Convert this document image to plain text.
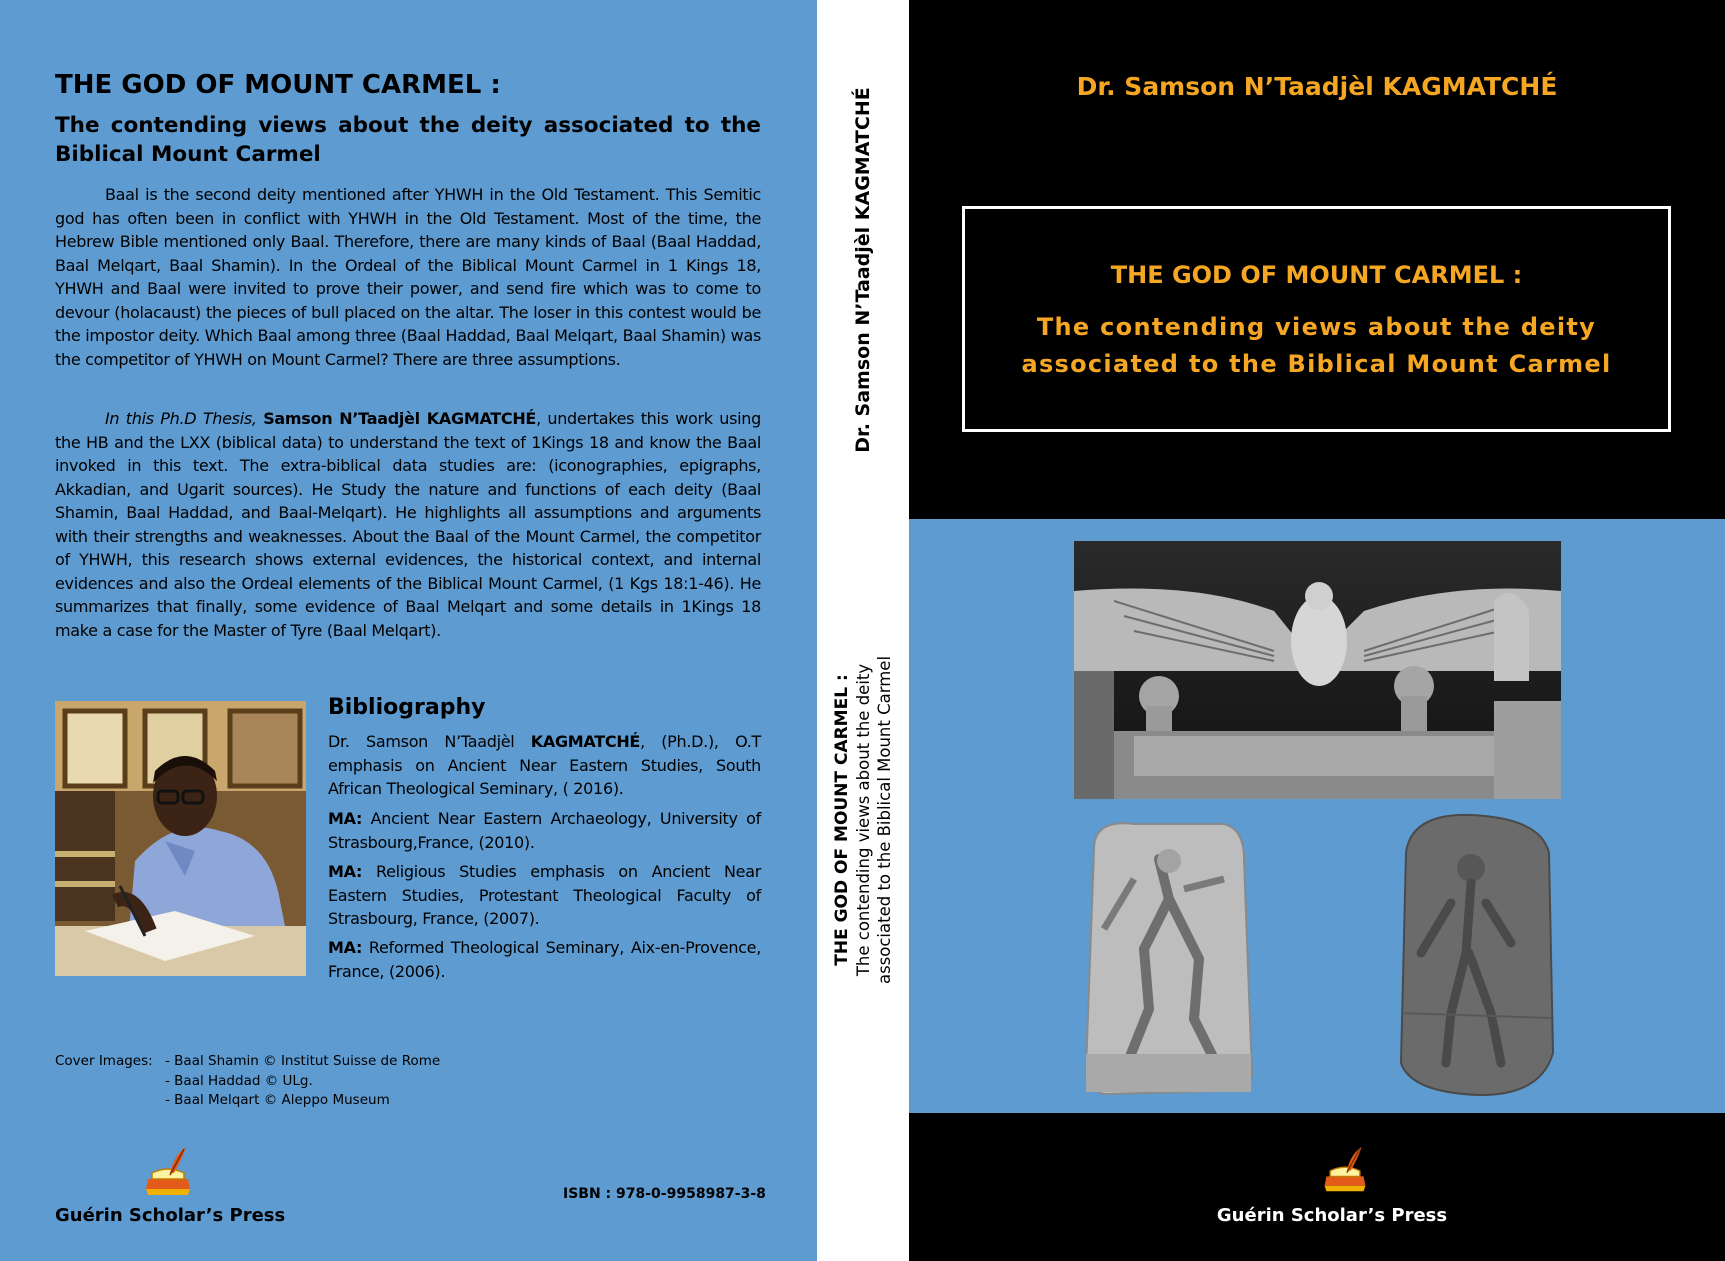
THE GOD OF MOUNT CARMEL :
The contending views about the deity associated to the Biblical Mount Carmel

Baal is the second deity mentioned after YHWH in the Old Testament. This Semitic god has often been in conflict with YHWH in the Old Testament. Most of the time, the Hebrew Bible mentioned only Baal. Therefore, there are many kinds of Baal (Baal Haddad, Baal Melqart, Baal Shamin). In the Ordeal of the Biblical Mount Carmel in 1 Kings 18, YHWH and Baal were invited to prove their power, and send fire which was to come to devour (holacaust) the pieces of bull placed on the altar. The loser in this contest would be the impostor deity. Which Baal among three (Baal Haddad, Baal Melqart, Baal Shamin) was the competitor of YHWH on Mount Carmel? There are three assumptions.

In this Ph.D Thesis, Samson N’Taadjèl KAGMATCHÉ, undertakes this work using the HB and the LXX (biblical data) to understand the text of 1Kings 18 and know the Baal invoked in this text. The extra-biblical data studies are: (iconographies, epigraphs, Akkadian, and Ugarit sources). He Study the nature and functions of each deity (Baal Shamin, Baal Haddad, and Baal-Melqart). He highlights all assumptions and arguments with their strengths and weaknesses. About the Baal of the Mount Carmel, the competitor of YHWH, this research shows external evidences, the historical context, and internal evidences and also the Ordeal elements of the Biblical Mount Carmel, (1 Kgs 18:1-46). He summarizes that finally, some evidence of Baal Melqart and some details in 1Kings 18 make a case for the Master of Tyre (Baal Melqart).

Bibliography

Dr. Samson N’Taadjèl KAGMATCHÉ, (Ph.D.), O.T emphasis on Ancient Near Eastern Studies, South African Theological Seminary, ( 2016).

MA: Ancient Near Eastern Archaeology, University of Strasbourg,France, (2010).

MA: Religious Studies emphasis on Ancient Near Eastern Studies, Protestant Theological Faculty of Strasbourg, France, (2007).

MA: Reformed Theological Seminary, Aix-en-Provence, France, (2006).

Cover Images: - Baal Shamin © Institut Suisse de Rome
- Baal Haddad © ULg.
- Baal Melqart © Aleppo Museum
Guérin Scholar’s Press
ISBN : 978-0-9958987-3-8
Dr. Samson N’Taadjèl KAGMATCHÉ
THE GOD OF MOUNT CARMEL : The contending views about the deity associated to the Biblical Mount Carmel
Dr. Samson N’Taadjèl KAGMATCHÉ
THE GOD OF MOUNT CARMEL :
The contending views about the deity
associated to the Biblical Mount Carmel
Guérin Scholar’s Press
